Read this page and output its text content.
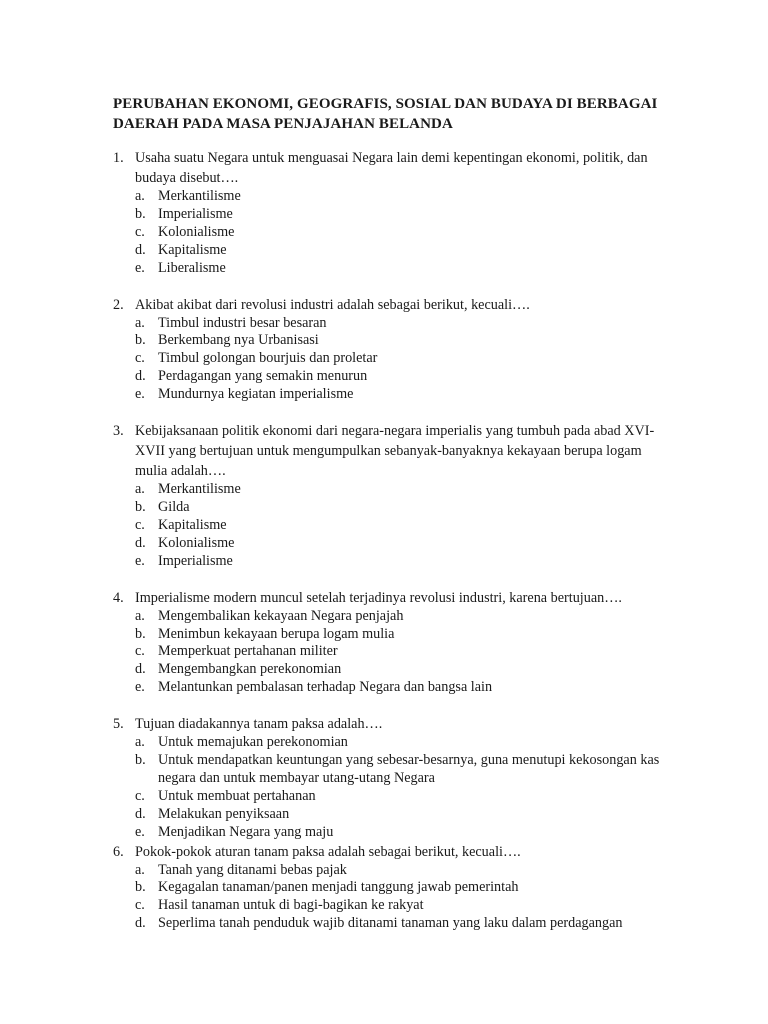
PERUBAHAN EKONOMI, GEOGRAFIS, SOSIAL DAN BUDAYA DI BERBAGAI
DAERAH PADA MASA PENJAJAHAN BELANDA
1. Usaha suatu Negara untuk menguasai Negara lain demi kepentingan ekonomi, politik, dan budaya disebut….
a. Merkantilisme
b. Imperialisme
c. Kolonialisme
d. Kapitalisme
e. Liberalisme
2. Akibat akibat dari revolusi industri adalah sebagai berikut, kecuali….
a. Timbul industri besar besaran
b. Berkembang nya Urbanisasi
c. Timbul golongan bourjuis dan proletar
d. Perdagangan yang semakin menurun
e. Mundurnya kegiatan imperialisme
3. Kebijaksanaan politik ekonomi dari negara-negara imperialis yang tumbuh pada abad XVI-XVII yang bertujuan untuk mengumpulkan sebanyak-banyaknya kekayaan berupa logam mulia adalah….
a. Merkantilisme
b. Gilda
c. Kapitalisme
d. Kolonialisme
e. Imperialisme
4. Imperialisme modern muncul setelah terjadinya revolusi industri, karena bertujuan….
a. Mengembalikan kekayaan Negara penjajah
b. Menimbun kekayaan berupa logam mulia
c. Memperkuat pertahanan militer
d. Mengembangkan perekonomian
e. Melantunkan pembalasan terhadap Negara dan bangsa lain
5. Tujuan diadakannya tanam paksa adalah….
a. Untuk memajukan perekonomian
b. Untuk mendapatkan keuntungan yang sebesar-besarnya, guna menutupi kekosongan kas negara dan untuk membayar utang-utang Negara
c. Untuk membuat pertahanan
d. Melakukan penyiksaan
e. Menjadikan Negara yang maju
6. Pokok-pokok aturan tanam paksa adalah sebagai berikut, kecuali….
a. Tanah yang ditanami bebas pajak
b. Kegagalan tanaman/panen menjadi tanggung jawab pemerintah
c. Hasil tanaman untuk di bagi-bagikan ke rakyat
d. Seperlima tanah penduduk wajib ditanami tanaman yang laku dalam perdagangan
